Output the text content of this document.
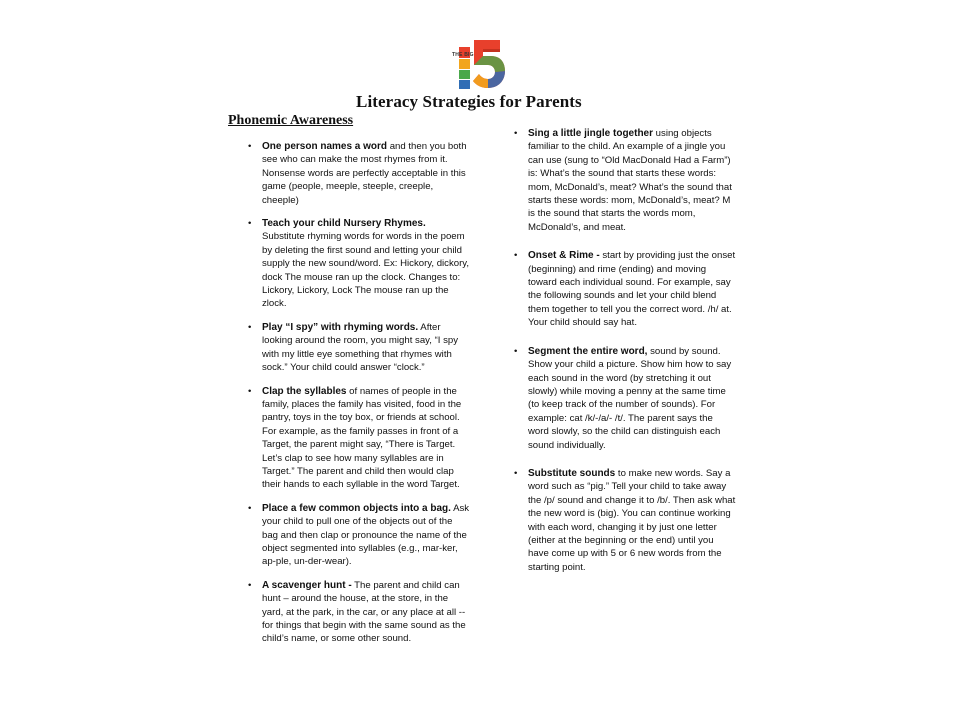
THE BIG
Literacy Strategies for Parents
Phonemic Awareness
• One person names a word and then you both see who can make the most rhymes from it. Nonsense words are perfectly acceptable in this game (people, meeple, steeple, creeple, cheeple)
• Teach your child Nursery Rhymes. Substitute rhyming words for words in the poem by deleting the first sound and letting your child supply the new sound/word. Ex: Hickory, dickory, dock The mouse ran up the clock. Changes to: Lickory, Lickory, Lock The mouse ran up the zlock.
• Play “I spy” with rhyming words. After looking around the room, you might say, “I spy with my little eye something that rhymes with sock.” Your child could answer “clock.”
• Clap the syllables of names of people in the family, places the family has visited, food in the pantry, toys in the toy box, or friends at school. For example, as the family passes in front of a Target, the parent might say, “There is Target. Let’s clap to see how many syllables are in Target.” The parent and child then would clap their hands to each syllable in the word Target.
• Place a few common objects into a bag. Ask your child to pull one of the objects out of the bag and then clap or pronounce the name of the object segmented into syllables (e.g., mar-ker, ap-ple, un-der-wear).
• A scavenger hunt - The parent and child can hunt – around the house, at the store, in the yard, at the park, in the car, or any place at all -- for things that begin with the same sound as the child’s name, or some other sound.
• Sing a little jingle together using objects familiar to the child. An example of a jingle you can use (sung to “Old MacDonald Had a Farm”) is: What’s the sound that starts these words: mom, McDonald’s, meat? What’s the sound that starts these words: mom, McDonald’s, meat? M is the sound that starts the words mom, McDonald’s, and meat.
• Onset & Rime - start by providing just the onset (beginning) and rime (ending) and moving toward each individual sound. For example, say the following sounds and let your child blend them together to tell you the correct word. /h/ at. Your child should say hat.
• Segment the entire word, sound by sound. Show your child a picture. Show him how to say each sound in the word (by stretching it out slowly) while moving a penny at the same time (to keep track of the number of sounds). For example: cat /k/-/a/- /t/. The parent says the word slowly, so the child can distinguish each sound individually.
• Substitute sounds to make new words. Say a word such as “pig.” Tell your child to take away the /p/ sound and change it to /b/. Then ask what the new word is (big). You can continue working with each word, changing it by just one letter (either at the beginning or the end) until you have come up with 5 or 6 new words from the starting point.
